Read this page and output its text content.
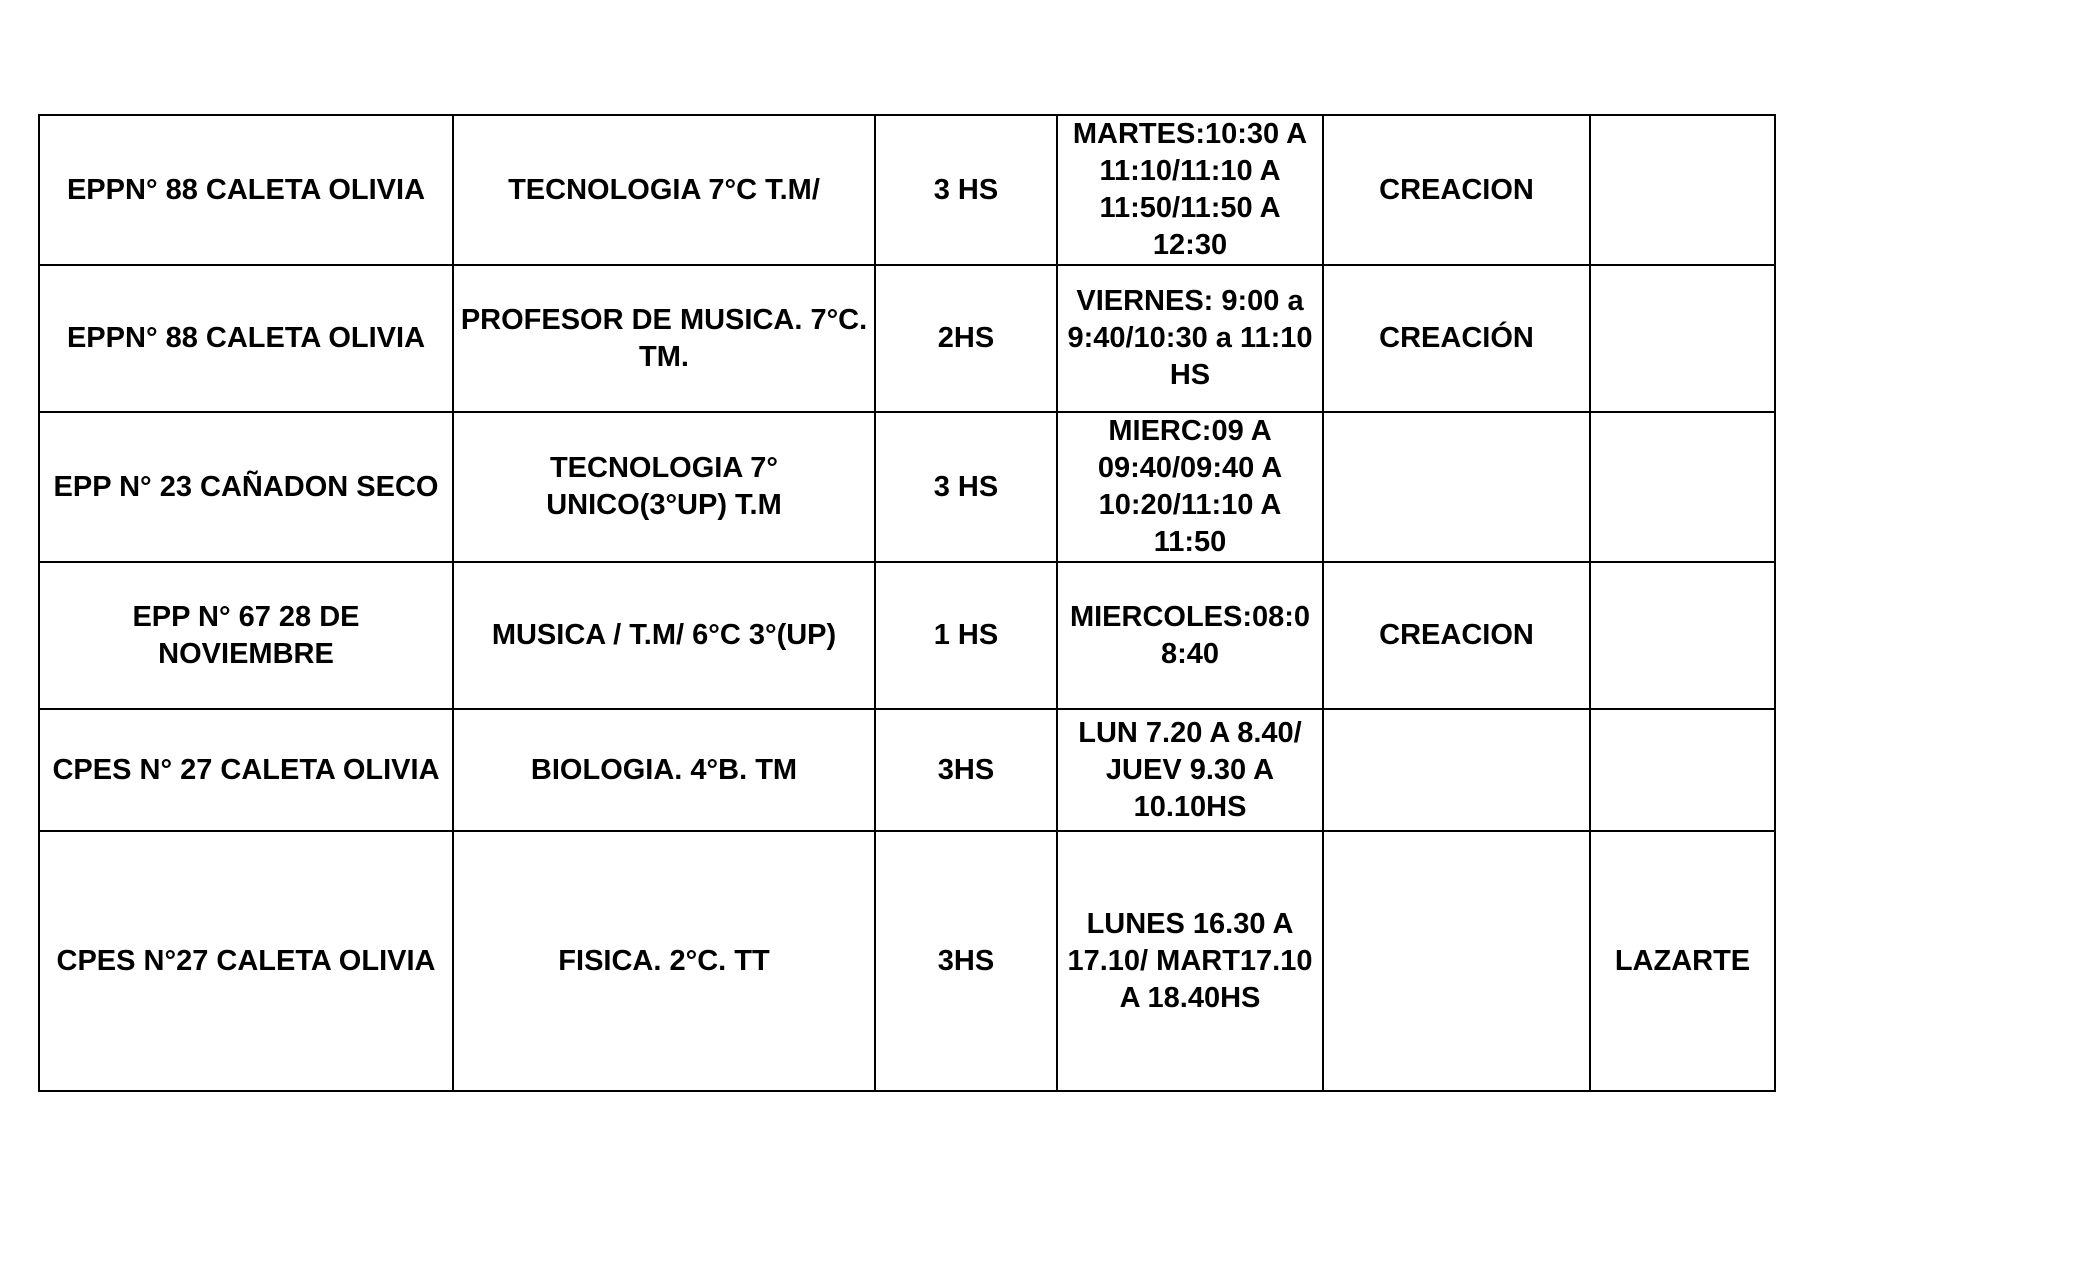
EPPN° 88 CALETA OLIVIA	TECNOLOGIA 7°C T.M/	3 HS	MARTES:10:30 A 11:10/11:10 A 11:50/11:50 A 12:30	CREACION	
EPPN° 88 CALETA OLIVIA	PROFESOR DE MUSICA. 7°C. TM.	2HS	VIERNES: 9:00 a 9:40/10:30 a 11:10 HS	CREACIÓN	
EPP N° 23 CAÑADON SECO	TECNOLOGIA 7° UNICO(3°UP) T.M	3 HS	MIERC:09 A 09:40/09:40 A 10:20/11:10 A 11:50		
EPP N° 67 28 DE NOVIEMBRE	MUSICA / T.M/ 6°C 3°(UP)	1 HS	MIERCOLES:08:0 8:40	CREACION	
CPES N° 27 CALETA OLIVIA	BIOLOGIA. 4°B. TM	3HS	LUN 7.20 A 8.40/ JUEV 9.30 A 10.10HS		
CPES N°27 CALETA OLIVIA	FISICA. 2°C. TT	3HS	LUNES 16.30 A 17.10/ MART17.10 A 18.40HS		LAZARTE
